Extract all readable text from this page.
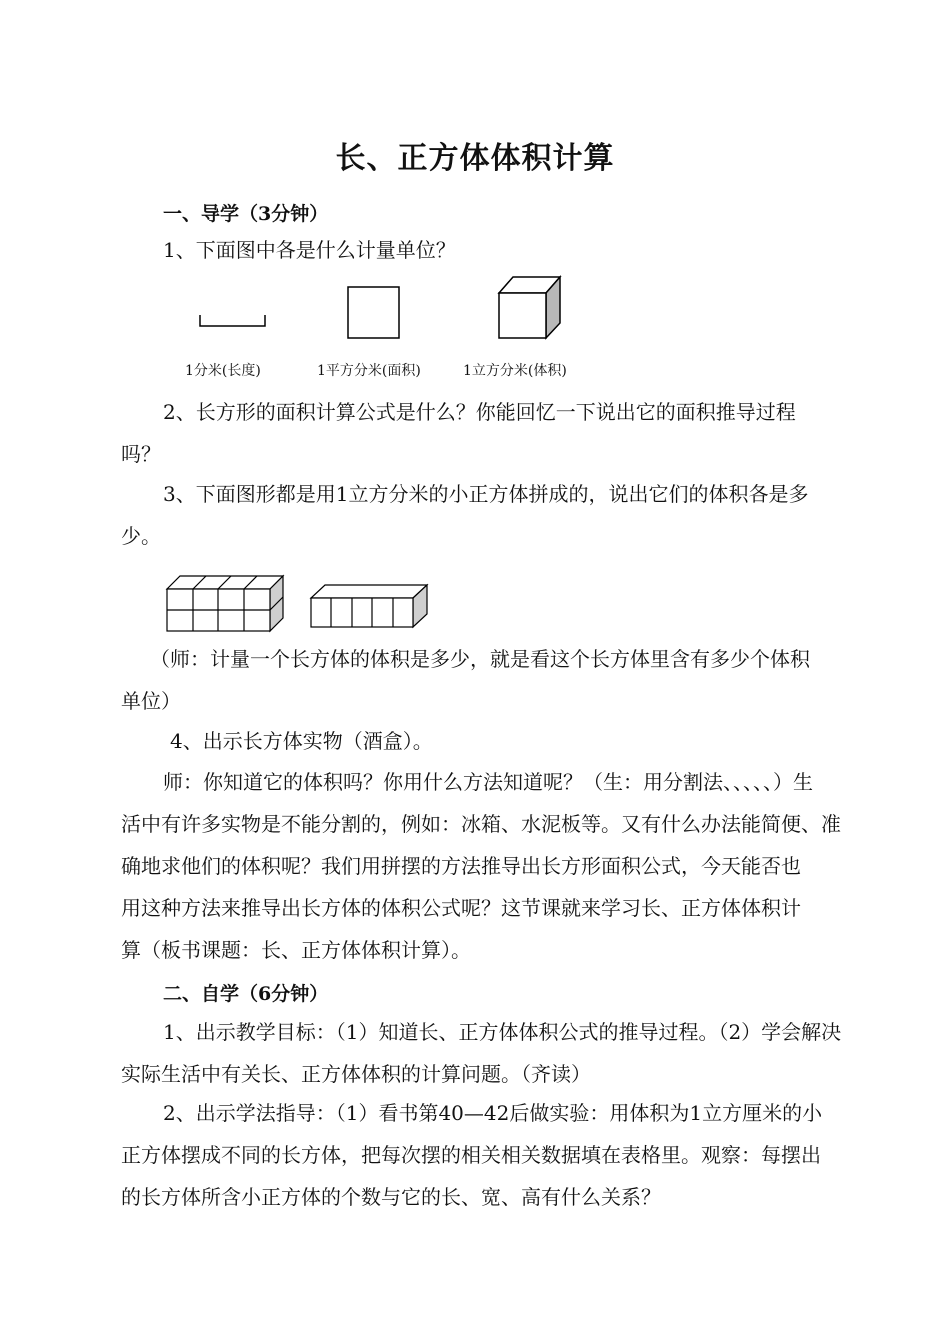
长、正方体体积计算
一、导学（3分钟）
1、下面图中各是什么计量单位？
1分米(长度)	1平方分米(面积)	1立方分米(体积)
2、长方形的面积计算公式是什么？你能回忆一下说出它的面积推导过程
吗？
3、下面图形都是用1立方分米的小正方体拼成的，说出它们的体积各是多
少。
（师：计量一个长方体的体积是多少，就是看这个长方体里含有多少个体积
单位）
4、出示长方体实物（酒盒）。
师：你知道它的体积吗？你用什么方法知道呢？（生：用分割法、、、、、）生
活中有许多实物是不能分割的，例如：冰箱、水泥板等。又有什么办法能简便、准
确地求他们的体积呢？我们用拼摆的方法推导出长方形面积公式，今天能否也
用这种方法来推导出长方体的体积公式呢？这节课就来学习长、正方体体积计
算（板书课题：长、正方体体积计算）。
二、自学（6分钟）
1、出示教学目标：（1）知道长、正方体体积公式的推导过程。（2）学会解决
实际生活中有关长、正方体体积的计算问题。（齐读）
2、出示学法指导：（1）看书第40—42后做实验：用体积为1立方厘米的小
正方体摆成不同的长方体，把每次摆的相关相关数据填在表格里。观察：每摆出
的长方体所含小正方体的个数与它的长、宽、高有什么关系？
